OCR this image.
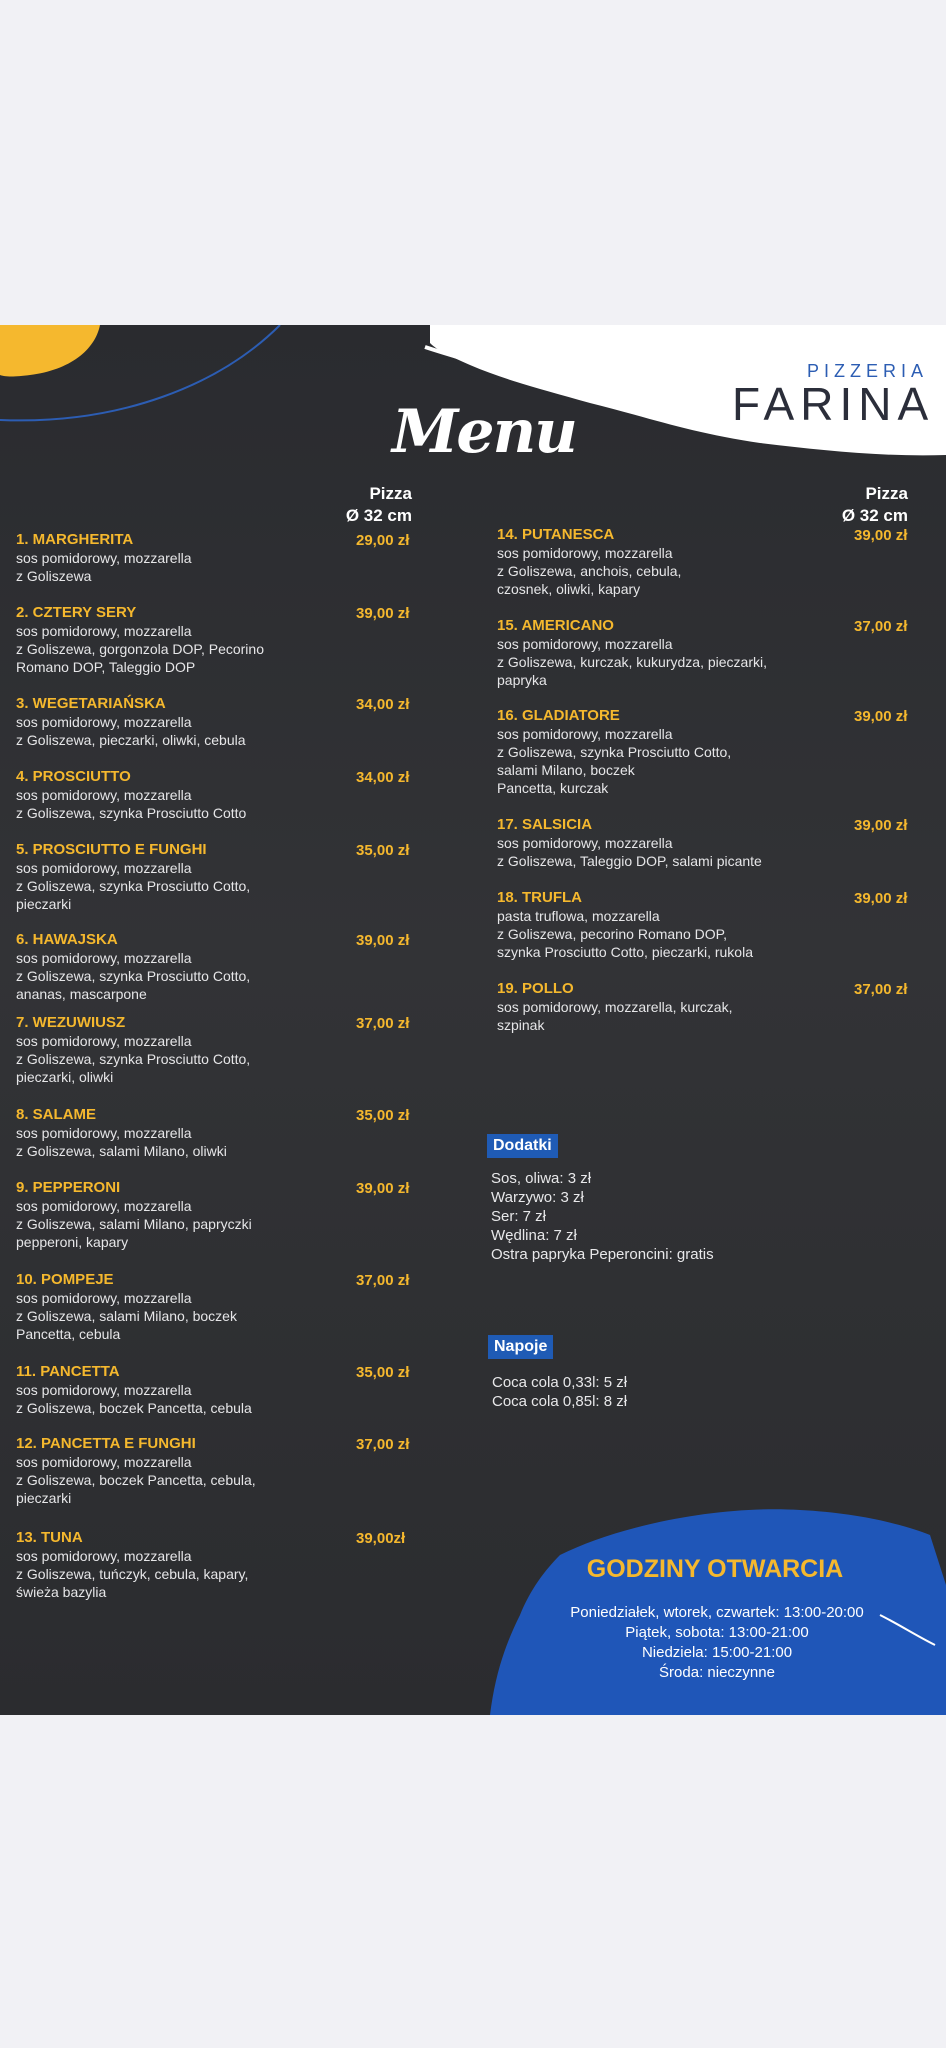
PIZZERIA
FARINA
Menu
Pizza
Ø 32 cm
Pizza
Ø 32 cm
1. MARGHERITA
sos pomidorowy, mozzarella
z Goliszewa
29,00 zł
2. CZTERY SERY
sos pomidorowy, mozzarella
z Goliszewa, gorgonzola DOP, Pecorino
Romano DOP, Taleggio DOP
39,00 zł
3. WEGETARIAŃSKA
sos pomidorowy, mozzarella
z Goliszewa, pieczarki, oliwki, cebula
34,00 zł
4. PROSCIUTTO
sos pomidorowy, mozzarella
z Goliszewa, szynka Prosciutto Cotto
34,00 zł
5. PROSCIUTTO E FUNGHI
sos pomidorowy, mozzarella
z Goliszewa, szynka Prosciutto Cotto,
pieczarki
35,00 zł
6. HAWAJSKA
sos pomidorowy, mozzarella
z Goliszewa, szynka Prosciutto Cotto,
ananas, mascarpone
39,00 zł
7. WEZUWIUSZ
sos pomidorowy, mozzarella
z Goliszewa, szynka Prosciutto Cotto,
pieczarki, oliwki
37,00 zł
8. SALAME
sos pomidorowy, mozzarella
z Goliszewa, salami Milano, oliwki
35,00 zł
9. PEPPERONI
sos pomidorowy, mozzarella
z Goliszewa, salami Milano, papryczki
pepperoni, kapary
39,00 zł
10. POMPEJE
sos pomidorowy, mozzarella
z Goliszewa, salami Milano, boczek
Pancetta, cebula
37,00 zł
11. PANCETTA
sos pomidorowy, mozzarella
z Goliszewa, boczek Pancetta, cebula
35,00 zł
12. PANCETTA E FUNGHI
sos pomidorowy, mozzarella
z Goliszewa, boczek Pancetta, cebula,
pieczarki
37,00 zł
13. TUNA
sos pomidorowy, mozzarella
z Goliszewa, tuńczyk, cebula, kapary,
świeża bazylia
39,00zł
14. PUTANESCA
sos pomidorowy, mozzarella
z Goliszewa, anchois, cebula,
czosnek, oliwki, kapary
39,00 zł
15. AMERICANO
sos pomidorowy, mozzarella
z Goliszewa, kurczak, kukurydza, pieczarki,
papryka
37,00 zł
16. GLADIATORE
sos pomidorowy, mozzarella
z Goliszewa, szynka Prosciutto Cotto,
salami Milano, boczek
Pancetta, kurczak
39,00 zł
17. SALSICIA
sos pomidorowy, mozzarella
z Goliszewa, Taleggio DOP, salami picante
39,00 zł
18. TRUFLA
pasta truflowa, mozzarella
z Goliszewa, pecorino Romano DOP,
szynka Prosciutto Cotto, pieczarki, rukola
39,00 zł
19. POLLO
sos pomidorowy, mozzarella, kurczak,
szpinak
37,00 zł
Dodatki
Sos, oliwa: 3 zł
Warzywo: 3 zł
Ser: 7 zł
Wędlina: 7 zł
Ostra papryka Peperoncini: gratis
Napoje
Coca cola 0,33l: 5 zł
Coca cola 0,85l: 8 zł
GODZINY OTWARCIA
Poniedziałek, wtorek, czwartek: 13:00-20:00
Piątek, sobota: 13:00-21:00
Niedziela: 15:00-21:00
Środa: nieczynne
